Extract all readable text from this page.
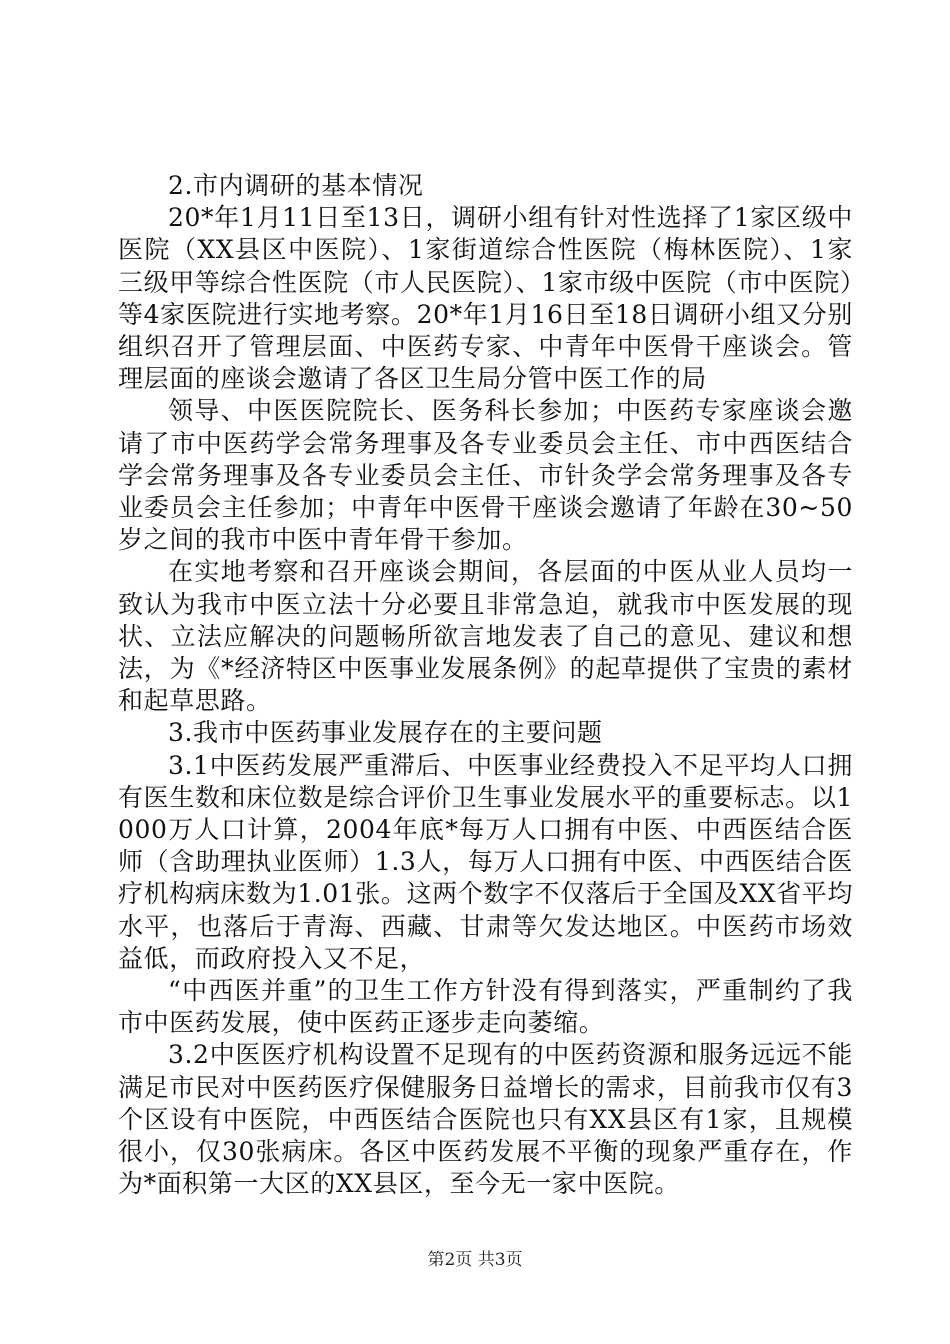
2.市内调研的基本情况

20*年1月11日至13日，调研小组有针对性选择了1家区级中医院（XX县区中医院）、1家街道综合性医院（梅林医院）、1家三级甲等综合性医院（市人民医院）、1家市级中医院（市中医院）等4家医院进行实地考察。20*年1月16日至18日调研小组又分别组织召开了管理层面、中医药专家、中青年中医骨干座谈会。管理层面的座谈会邀请了各区卫生局分管中医工作的局

领导、中医医院院长、医务科长参加；中医药专家座谈会邀请了市中医药学会常务理事及各专业委员会主任、市中西医结合学会常务理事及各专业委员会主任、市针灸学会常务理事及各专业委员会主任参加；中青年中医骨干座谈会邀请了年龄在30~50岁之间的我市中医中青年骨干参加。

在实地考察和召开座谈会期间，各层面的中医从业人员均一致认为我市中医立法十分必要且非常急迫，就我市中医发展的现状、立法应解决的问题畅所欲言地发表了自己的意见、建议和想法，为《*经济特区中医事业发展条例》的起草提供了宝贵的素材和起草思路。

3.我市中医药事业发展存在的主要问题

3.1中医药发展严重滞后、中医事业经费投入不足平均人口拥有医生数和床位数是综合评价卫生事业发展水平的重要标志。以1000万人口计算，2004年底*每万人口拥有中医、中西医结合医师（含助理执业医师）1.3人，每万人口拥有中医、中西医结合医疗机构病床数为1.01张。这两个数字不仅落后于全国及XX省平均水平，也落后于青海、西藏、甘肃等欠发达地区。中医药市场效益低，而政府投入又不足，

“中西医并重”的卫生工作方针没有得到落实，严重制约了我市中医药发展，使中医药正逐步走向萎缩。

3.2中医医疗机构设置不足现有的中医药资源和服务远远不能满足市民对中医药医疗保健服务日益增长的需求，目前我市仅有3个区设有中医院，中西医结合医院也只有XX县区有1家，且规模很小，仅30张病床。各区中医药发展不平衡的现象严重存在，作为*面积第一大区的XX县区，至今无一家中医院。

第2页 共3页
